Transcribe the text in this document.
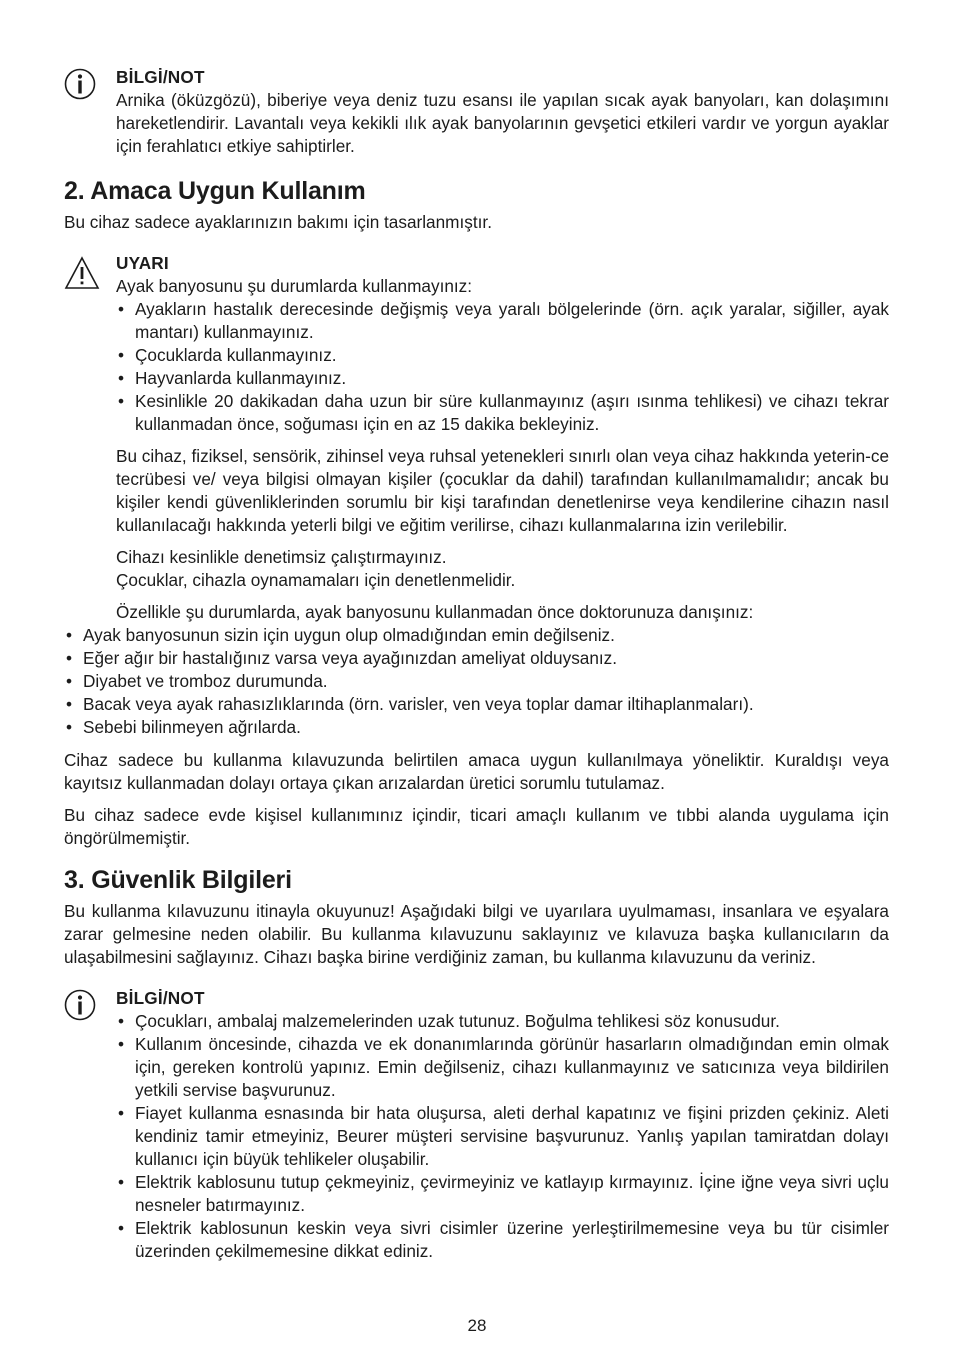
BİLGİ/NOT

Arnika (öküzgözü), biberiye veya deniz tuzu esansı ile yapılan sıcak ayak banyoları, kan dolaşımını hareketlendirir. Lavantalı veya kekikli ılık ayak banyolarının gevşetici etkileri vardır ve yorgun ayaklar için ferahlatıcı etkiye sahiptirler.

2. Amaca Uygun Kullanım

Bu cihaz sadece ayaklarınızın bakımı için tasarlanmıştır.

UYARI

Ayak banyosunu şu durumlarda kullanmayınız:

• Ayakların hastalık derecesinde değişmiş veya yaralı bölgelerinde (örn. açık yaralar, siğiller, ayak mantarı) kullanmayınız.
• Çocuklarda kullanmayınız.
• Hayvanlarda kullanmayınız.
• Kesinlikle 20 dakikadan daha uzun bir süre kullanmayınız (aşırı ısınma tehlikesi) ve cihazı tekrar kullanmadan önce, soğuması için en az 15 dakika bekleyiniz.

Bu cihaz, fiziksel, sensörik, zihinsel veya ruhsal yetenekleri sınırlı olan veya cihaz hakkında yeterin-ce tecrübesi ve/ veya bilgisi olmayan kişiler (çocuklar da dahil) tarafından kullanılmamalıdır; ancak bu kişiler kendi güvenliklerinden sorumlu bir kişi tarafından denetlenirse veya kendilerine cihazın nasıl kullanılacağı hakkında yeterli bilgi ve eğitim verilirse, cihazı kullanmalarına izin verilebilir.

Cihazı kesinlikle denetimsiz çalıştırmayınız.

Çocuklar, cihazla oynamamaları için denetlenmelidir.

Özellikle şu durumlarda, ayak banyosunu kullanmadan önce doktorunuza danışınız:

• Ayak banyosunun sizin için uygun olup olmadığından emin değilseniz.
• Eğer ağır bir hastalığınız varsa veya ayağınızdan ameliyat olduysanız.
• Diyabet ve tromboz durumunda.
• Bacak veya ayak rahasızlıklarında (örn. varisler, ven veya toplar damar iltihaplanmaları).
• Sebebi bilinmeyen ağrılarda.

Cihaz sadece bu kullanma kılavuzunda belirtilen amaca uygun kullanılmaya yöneliktir. Kuraldışı veya kayıtsız kullanmadan dolayı ortaya çıkan arızalardan üretici sorumlu tutulamaz.

Bu cihaz sadece evde kişisel kullanımınız içindir, ticari amaçlı kullanım ve tıbbi alanda uygulama için öngörülmemiştir.

3. Güvenlik Bilgileri

Bu kullanma kılavuzunu itinayla okuyunuz! Aşağıdaki bilgi ve uyarılara uyulmaması, insanlara ve eşyalara zarar gelmesine neden olabilir. Bu kullanma kılavuzunu saklayınız ve kılavuza başka kullanıcıların da ulaşabilmesini sağlayınız. Cihazı başka birine verdiğiniz zaman, bu kullanma kılavuzunu da veriniz.

BİLGİ/NOT
• Çocukları, ambalaj malzemelerinden uzak tutunuz. Boğulma tehlikesi söz konusudur.
• Kullanım öncesinde, cihazda ve ek donanımlarında görünür hasarların olmadığından emin olmak için, gereken kontrolü yapınız. Emin değilseniz, cihazı kullanmayınız ve satıcınıza veya bildirilen yetkili servise başvurunuz.
• Fiayet kullanma esnasında bir hata oluşursa, aleti derhal kapatınız ve fişini prizden çekiniz. Aleti kendiniz tamir etmeyiniz, Beurer müşteri servisine başvurunuz. Yanlış yapılan tamiratdan dolayı kullanıcı için büyük tehlikeler oluşabilir.
• Elektrik kablosunu tutup çekmeyiniz, çevirmeyiniz ve katlayıp kırmayınız. İçine iğne veya sivri uçlu nesneler batırmayınız.
• Elektrik kablosunun keskin veya sivri cisimler üzerine yerleştirilmemesine veya bu tür cisimler üzerinden çekilmemesine dikkat ediniz.
28
